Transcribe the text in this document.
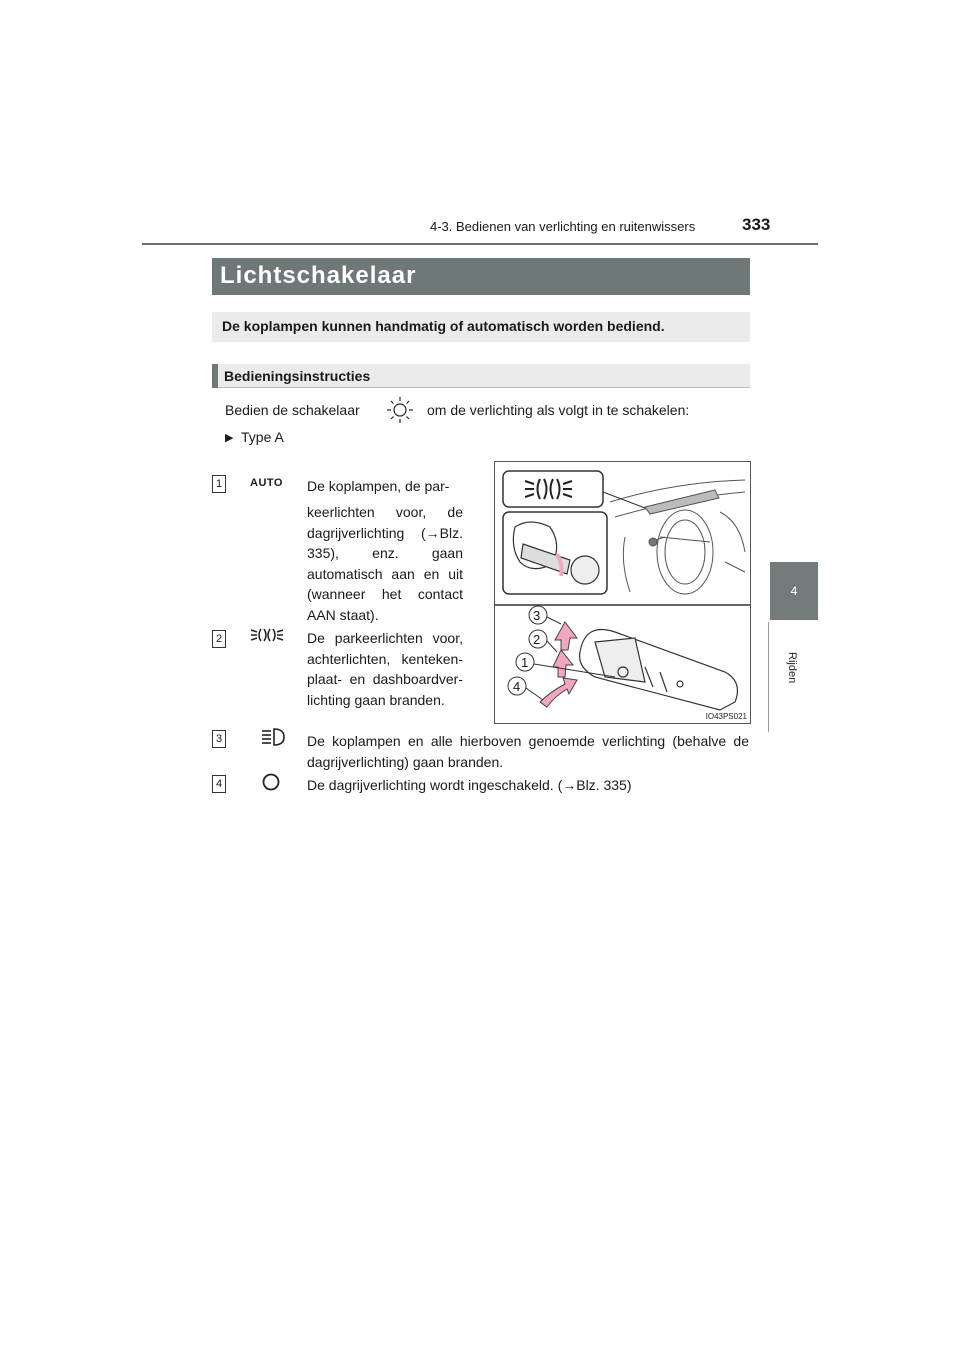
4-3. Bedienen van verlichting en ruitenwissers	333
4
Rijden
Lichtschakelaar
De koplampen kunnen handmatig of automatisch worden bediend.
Bedieningsinstructies
Bedien de schakelaar	om de verlichting als volgt in te schakelen:
▶ Type A
1	AUTO De koplampen, de par-
keerlichten voor, de dagrijverlichting (→Blz. 335), enz. gaan automatisch aan en uit (wanneer het contact AAN staat).
2	De parkeerlichten voor, achterlichten, kenteken-plaat- en dashboardver-lichting gaan branden.
3
2
1
4
IO43PS021
3	De koplampen en alle hierboven genoemde verlichting (behalve de dagrijverlichting) gaan branden.
4	De dagrijverlichting wordt ingeschakeld. (→Blz. 335)
